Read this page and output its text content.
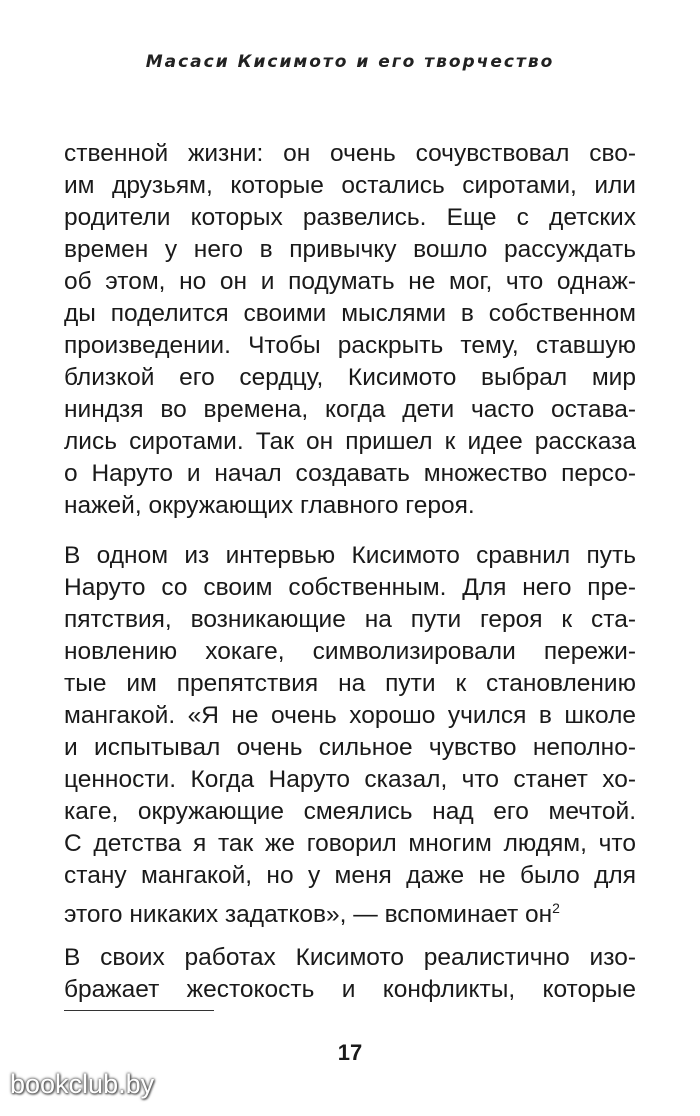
Масаси Кисимото и его творчество
ственной жизни: он очень сочувствовал сво-
им друзьям, которые остались сиротами, или
родители которых развелись. Еще с детских
времен у него в привычку вошло рассуждать
об этом, но он и подумать не мог, что однаж-
ды поделится своими мыслями в собственном
произведении. Чтобы раскрыть тему, ставшую
близкой его сердцу, Кисимото выбрал мир
ниндзя во времена, когда дети часто остава-
лись сиротами. Так он пришел к идее рассказа
о Наруто и начал создавать множество персо-
нажей, окружающих главного героя.
В одном из интервью Кисимото сравнил путь
Наруто со своим собственным. Для него пре-
пятствия, возникающие на пути героя к ста-
новлению хокаге, символизировали пережи-
тые им препятствия на пути к становлению
мангакой. «Я не очень хорошо учился в школе
и испытывал очень сильное чувство неполно-
ценности. Когда Наруто сказал, что станет хо-
кагe, окружающие смеялись над его мечтой.
С детства я так же говорил многим людям, что
стану мангакой, но у меня даже не было для
этого никаких задатков», — вспоминает $он^2$
В своих работах Кисимото реалистично изо-
бражает жестокость и конфликты, которые
17
bookclub.by
